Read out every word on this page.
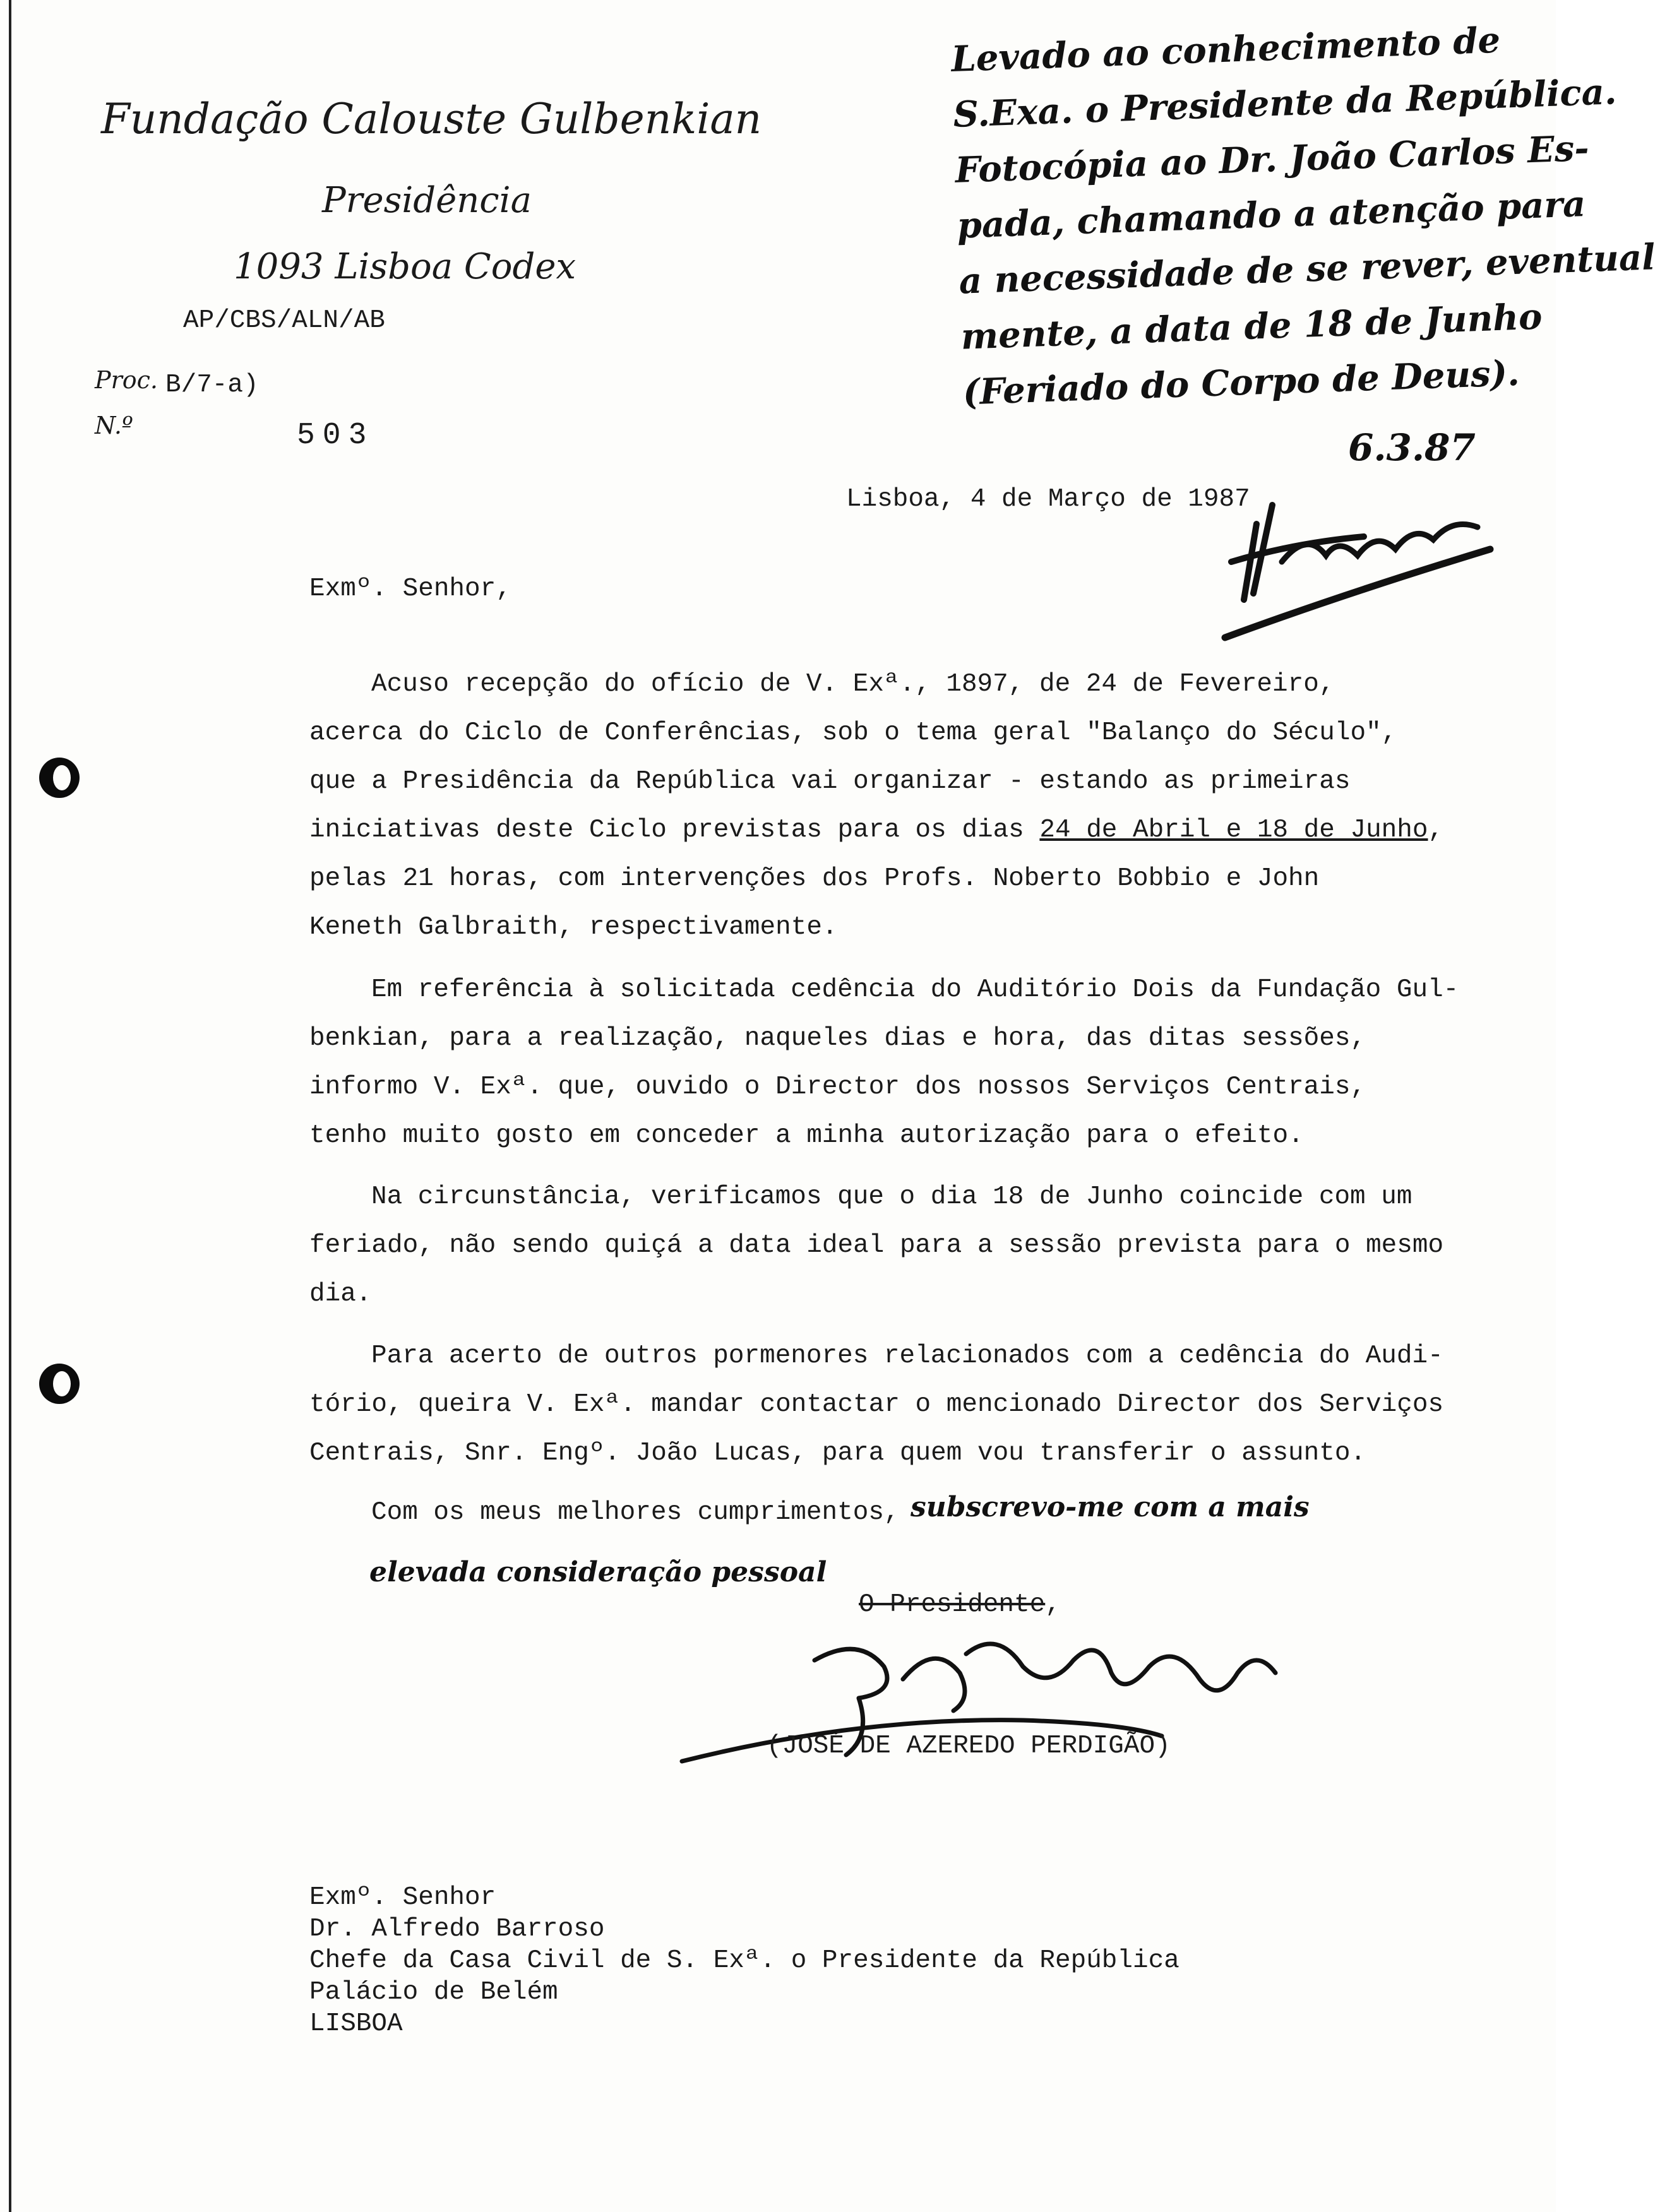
Fundação Calouste Gulbenkian
Presidência
1093 Lisboa Codex
AP/CBS/ALN/AB
Proc. B/7-a)
N.º	503
Levado ao conhecimento de
S.Exa. o Presidente da República.
Fotocópia ao Dr. João Carlos Es-
pada, chamando a atenção para
a necessidade de se rever, eventual
mente, a data de 18 de Junho
(Feriado do Corpo de Deus).
6.3.87
Lisboa, 4 de Março de 1987
Exmº. Senhor,
Acuso recepção do ofício de V. Exª., 1897, de 24 de Fevereiro,
acerca do Ciclo de Conferências, sob o tema geral "Balanço do Século",
que a Presidência da República vai organizar - estando as primeiras
iniciativas deste Ciclo previstas para os dias 24 de Abril e 18 de Junho,
pelas 21 horas, com intervenções dos Profs. Noberto Bobbio e John
Keneth Galbraith, respectivamente.
Em referência à solicitada cedência do Auditório Dois da Fundação Gul-
benkian, para a realização, naqueles dias e hora, das ditas sessões,
informo V. Exª. que, ouvido o Director dos nossos Serviços Centrais,
tenho muito gosto em conceder a minha autorização para o efeito.
Na circunstância, verificamos que o dia 18 de Junho coincide com um
feriado, não sendo quiçá a data ideal para a sessão prevista para o mesmo
dia.
Para acerto de outros pormenores relacionados com a cedência do Audi-
tório, queira V. Exª. mandar contactar o mencionado Director dos Serviços
Centrais, Snr. Engº. João Lucas, para quem vou transferir o assunto.
Com os meus melhores cumprimentos, subscrevo-me com a mais
elevada consideração pessoal
O Presidente,
(JOSÉ DE AZEREDO PERDIGÃO)
Exmº. Senhor
Dr. Alfredo Barroso
Chefe da Casa Civil de S. Exª. o Presidente da República
Palácio de Belém
LISBOA
